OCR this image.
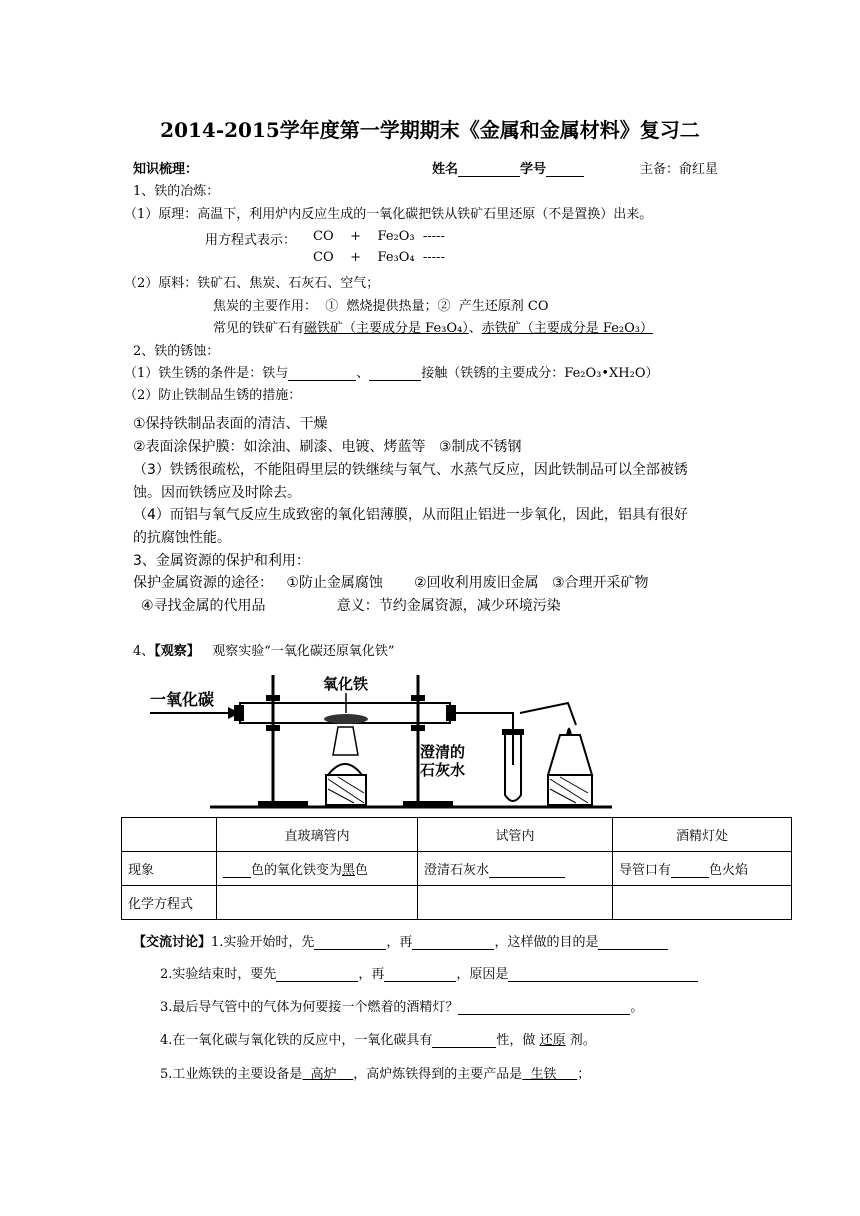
2014-2015学年度第一学期期末《金属和金属材料》复习二
知识梳理：	姓名	学号	主备：俞红星
1、铁的冶炼：
（1）原理：高温下，利用炉内反应生成的一氧化碳把铁从铁矿石里还原（不是置换）出来。
用方程式表示： CO    +    Fe₂O₃  -----
CO    +    Fe₃O₄  -----
（2）原料：铁矿石、焦炭、石灰石、空气；
焦炭的主要作用：  ①  燃烧提供热量；②  产生还原剂 CO
常见的铁矿石有磁铁矿（主要成分是 Fe₃O₄）、赤铁矿（主要成分是 Fe₂O₃）
2、铁的锈蚀：
（1）铁生锈的条件是：铁与	、	接触（铁锈的主要成分：Fe₂O₃•XH₂O）
（2）防止铁制品生锈的措施：
①保持铁制品表面的清洁、干燥
②表面涂保护膜：如涂油、刷漆、电镀、烤蓝等   ③制成不锈钢
（3）铁锈很疏松，不能阻碍里层的铁继续与氧气、水蒸气反应，因此铁制品可以全部被锈
蚀。因而铁锈应及时除去。
（4）而铝与氧气反应生成致密的氧化铝薄膜，从而阻止铝进一步氧化，因此，铝具有很好
的抗腐蚀性能。
3、金属资源的保护和利用：
保护金属资源的途径：   ①防止金属腐蚀       ②回收利用废旧金属   ③合理开采矿物
④寻找金属的代用品                意义：节约金属资源，减少环境污染
4、【观察】 观察实验“一氧化碳还原氧化铁”
一氧化碳
氧化铁
澄清的
石灰水
	直玻璃管内	试管内	酒精灯处
现象	色的氧化铁变为黑色	澄清石灰水	导管口有 色火焰
化学方程式			
【交流讨论】1.实验开始时，先	，再	，这样做的目的是
2.实验结束时，要先	，再	，原因是
3.最后导气管中的气体为何要接一个燃着的酒精灯？	。
4.在一氧化碳与氧化铁的反应中，一氧化碳具有	性，做 还原 剂。
5.工业炼铁的主要设备是 高炉 ，高炉炼铁得到的主要产品是 生铁 ；
